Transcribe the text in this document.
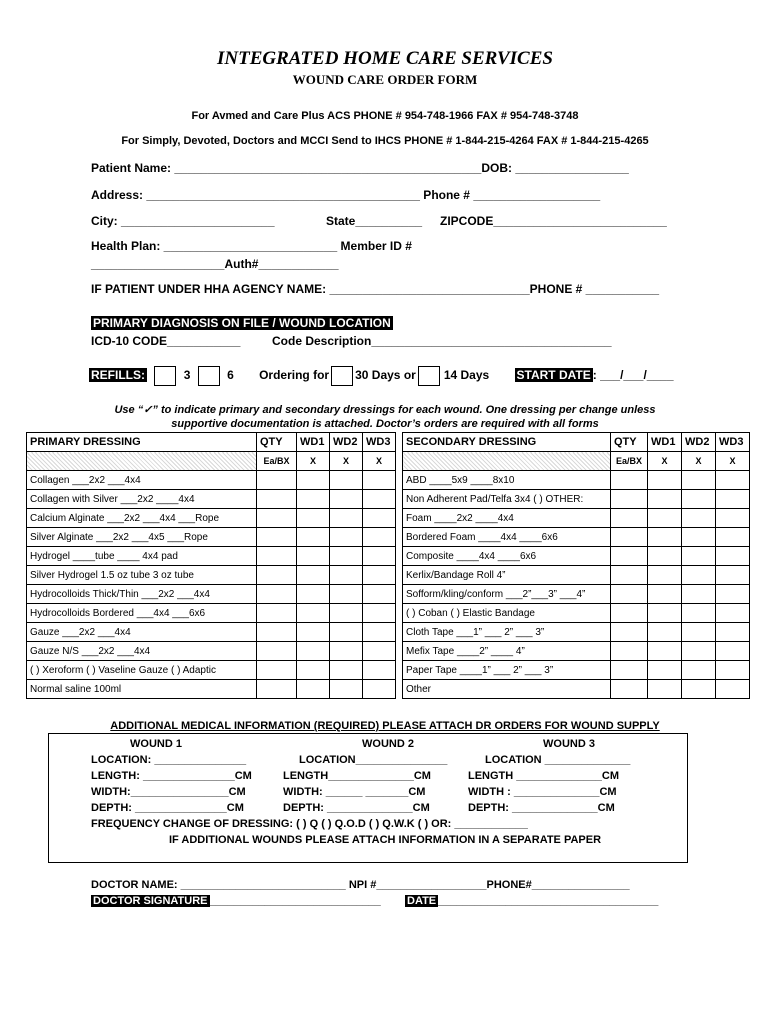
INTEGRATED HOME CARE SERVICES
WOUND CARE ORDER FORM
For Avmed and Care Plus ACS PHONE # 954-748-1966 FAX # 954-748-3748
For Simply, Devoted, Doctors and MCCI Send to IHCS PHONE # 1-844-215-4264 FAX # 1-844-215-4265
Patient Name: ______________________________________________DOB: _________________
Address: _________________________________________ Phone # ___________________
City: _______________________	State__________ ZIPCODE__________________________
Health Plan: __________________________ Member ID #
____________________Auth#____________
IF PATIENT UNDER HHA AGENCY NAME: ______________________________PHONE # ___________
PRIMARY DIAGNOSIS ON FILE / WOUND LOCATION
ICD-10 CODE___________	Code Description____________________________________
REFILLS:	3	6 Ordering for 30 Days or 14 Days START DATE : ___/___/____
Use “✓” to indicate primary and secondary dressings for each wound. One dressing per change unless
supportive documentation is attached. Doctor’s orders are required with all forms
PRIMARY DRESSING	QTY	WD1	WD2	WD3		SECONDARY DRESSING	QTY	WD1	WD2	WD3
	Ea/BX	X	X	X			Ea/BX	X	X	X
Collagen ___2x2 ___4x4						ABD ____5x9 ____8x10				
Collagen with Silver ___2x2 ____4x4						Non Adherent Pad/Telfa 3x4 ( ) OTHER:				
Calcium Alginate ___2x2 ___4x4 ___Rope						Foam ____2x2 ____4x4				
Silver Alginate ___2x2 ___4x5 ___Rope						Bordered Foam ____4x4 ____6x6				
Hydrogel ____tube ____ 4x4 pad						Composite ____4x4 ____6x6				
Silver Hydrogel 1.5 oz tube 3 oz tube						Kerlix/Bandage Roll 4”				
Hydrocolloids Thick/Thin ___2x2 ___4x4						Sofform/kling/conform ___2”___3” ___4”				
Hydrocolloids Bordered ___4x4 ___6x6						( ) Coban ( ) Elastic Bandage				
Gauze ___2x2 ___4x4						Cloth Tape ___1” ___ 2” ___ 3”				
Gauze N/S ___2x2 ___4x4						Mefix Tape ____2” ____ 4”				
( ) Xeroform ( ) Vaseline Gauze ( ) Adaptic						Paper Tape ____1” ___ 2” ___ 3”				
Normal saline 100ml						Other				
ADDITIONAL MEDICAL INFORMATION (REQUIRED) PLEASE ATTACH DR ORDERS FOR WOUND SUPPLY
WOUND 1	WOUND 2	WOUND 3
LOCATION: _______________	LOCATION_______________	LOCATION ______________
LENGTH: _______________CM	LENGTH______________CM	LENGTH ______________CM
WIDTH:________________CM	WIDTH: ______ _______CM	WIDTH : ______________CM
DEPTH: _______________CM	DEPTH: ______________CM	DEPTH: ______________CM
FREQUENCY CHANGE OF DRESSING: ( ) Q ( ) Q.O.D ( ) Q.W.K ( ) OR: ____________
IF ADDITIONAL WOUNDS PLEASE ATTACH INFORMATION IN A SEPARATE PAPER
DOCTOR NAME: ___________________________ NPI #__________________PHONE#________________
DOCTOR SIGNATURE ____________________________ DATE ____________________________________
